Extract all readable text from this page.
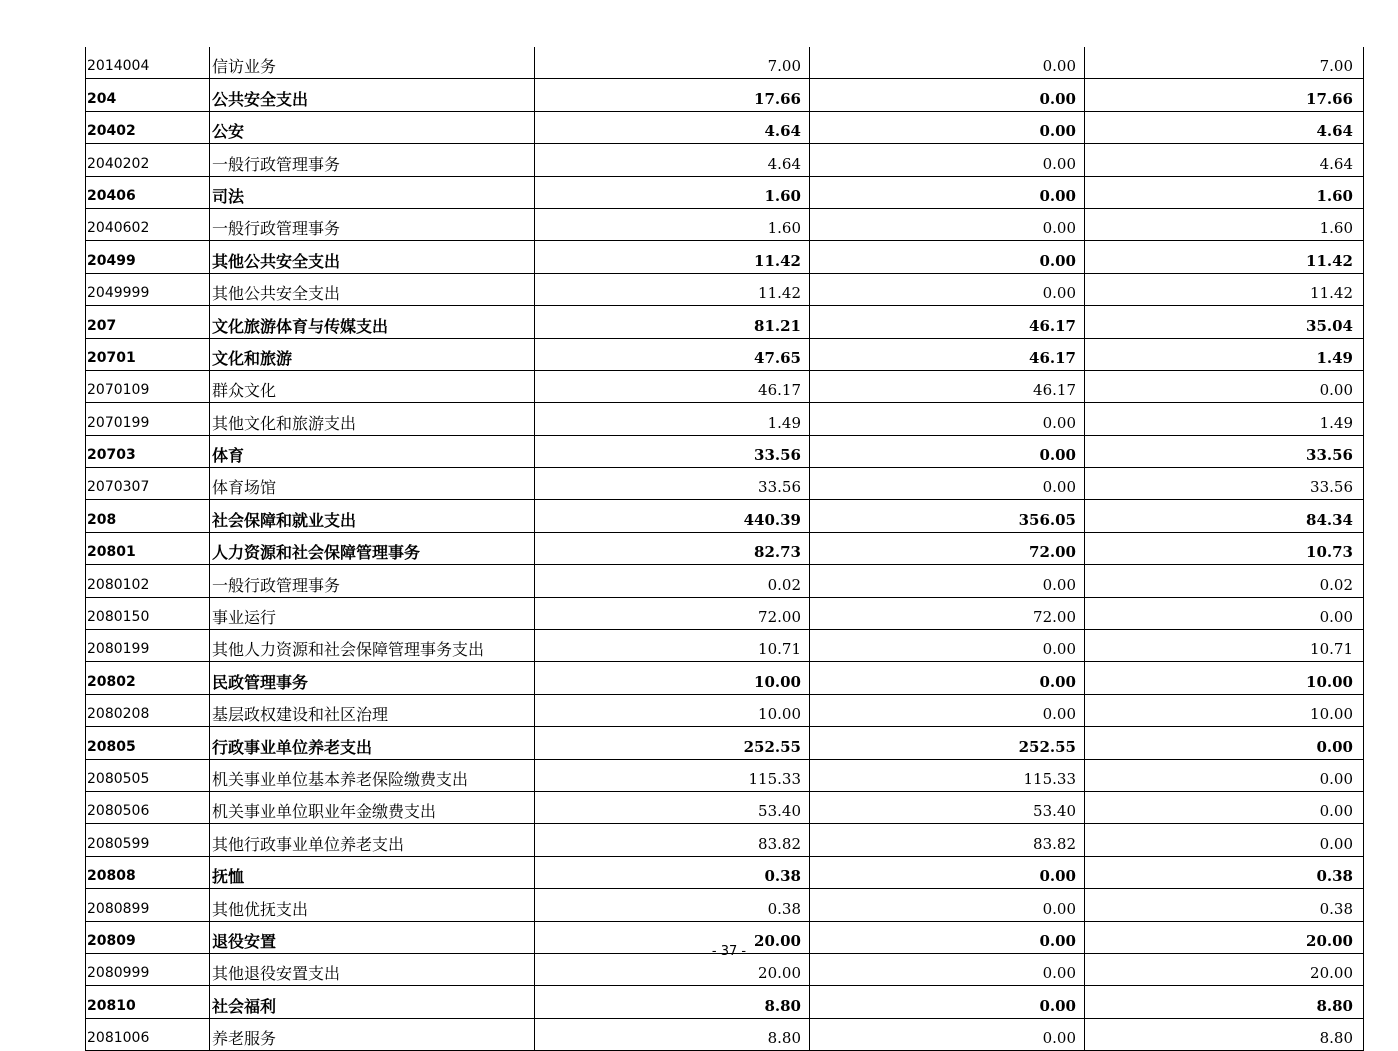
2014004	信访业务	7.00	0.00	7.00
204	公共安全支出	17.66	0.00	17.66
20402	公安	4.64	0.00	4.64
2040202	一般行政管理事务	4.64	0.00	4.64
20406	司法	1.60	0.00	1.60
2040602	一般行政管理事务	1.60	0.00	1.60
20499	其他公共安全支出	11.42	0.00	11.42
2049999	其他公共安全支出	11.42	0.00	11.42
207	文化旅游体育与传媒支出	81.21	46.17	35.04
20701	文化和旅游	47.65	46.17	1.49
2070109	群众文化	46.17	46.17	0.00
2070199	其他文化和旅游支出	1.49	0.00	1.49
20703	体育	33.56	0.00	33.56
2070307	体育场馆	33.56	0.00	33.56
208	社会保障和就业支出	440.39	356.05	84.34
20801	人力资源和社会保障管理事务	82.73	72.00	10.73
2080102	一般行政管理事务	0.02	0.00	0.02
2080150	事业运行	72.00	72.00	0.00
2080199	其他人力资源和社会保障管理事务支出	10.71	0.00	10.71
20802	民政管理事务	10.00	0.00	10.00
2080208	基层政权建设和社区治理	10.00	0.00	10.00
20805	行政事业单位养老支出	252.55	252.55	0.00
2080505	机关事业单位基本养老保险缴费支出	115.33	115.33	0.00
2080506	机关事业单位职业年金缴费支出	53.40	53.40	0.00
2080599	其他行政事业单位养老支出	83.82	83.82	0.00
20808	抚恤	0.38	0.00	0.38
2080899	其他优抚支出	0.38	0.00	0.38
20809	退役安置	20.00	0.00	20.00
2080999	其他退役安置支出	20.00	0.00	20.00
20810	社会福利	8.80	0.00	8.80
2081006	养老服务	8.80	0.00	8.80
- 37 -
